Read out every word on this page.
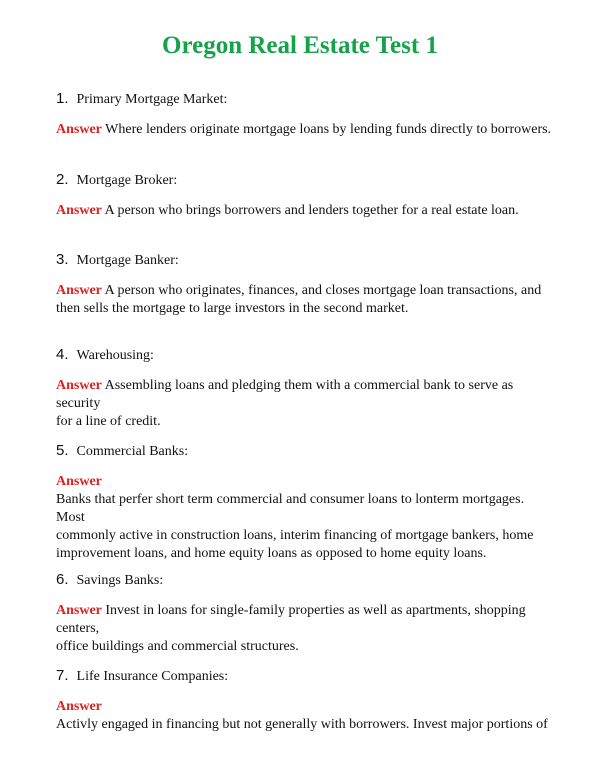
Oregon Real Estate Test 1
1. Primary Mortgage Market:
Answer Where lenders originate mortgage loans by lending funds directly to borrowers.
2. Mortgage Broker:
Answer A person who brings borrowers and lenders together for a real estate loan.
3. Mortgage Banker:
Answer A person who originates, finances, and closes mortgage loan transactions, and
then sells the mortgage to large investors in the second market.
4. Warehousing:
Answer Assembling loans and pledging them with a commercial bank to serve as security
for a line of credit.
5. Commercial Banks:
Answer
Banks that perfer short term commercial and consumer loans to lonterm mortgages. Most
commonly active in construction loans, interim financing of mortgage bankers, home
improvement loans, and home equity loans as opposed to home equity loans.
6. Savings Banks:
Answer Invest in loans for single-family properties as well as apartments, shopping centers,
office buildings and commercial structures.
7. Life Insurance Companies:
Answer
Activly engaged in financing but not generally with borrowers. Invest major portions of
